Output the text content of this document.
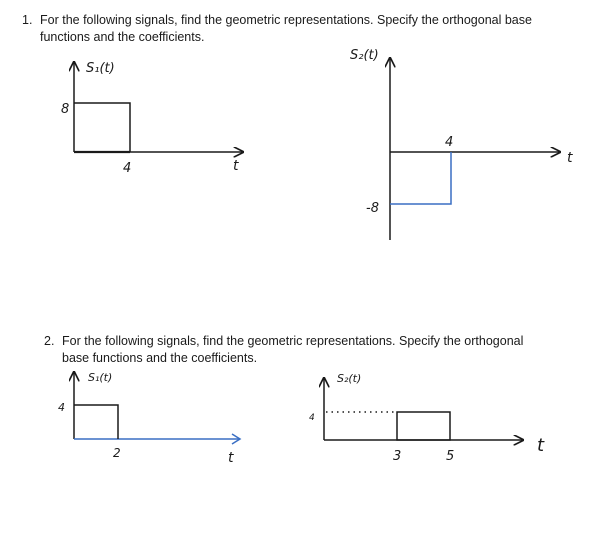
1. For the following signals, find the geometric representations. Specify the orthogonal base
functions and the coefficients.
2. For the following signals, find the geometric representations. Specify the orthogonal
base functions and the coefficients.
S₁(t)
8
4	t
S₂(t)
4
-8
t
S₁(t)
4
2	t
S₂(t)
4
3	5
t
